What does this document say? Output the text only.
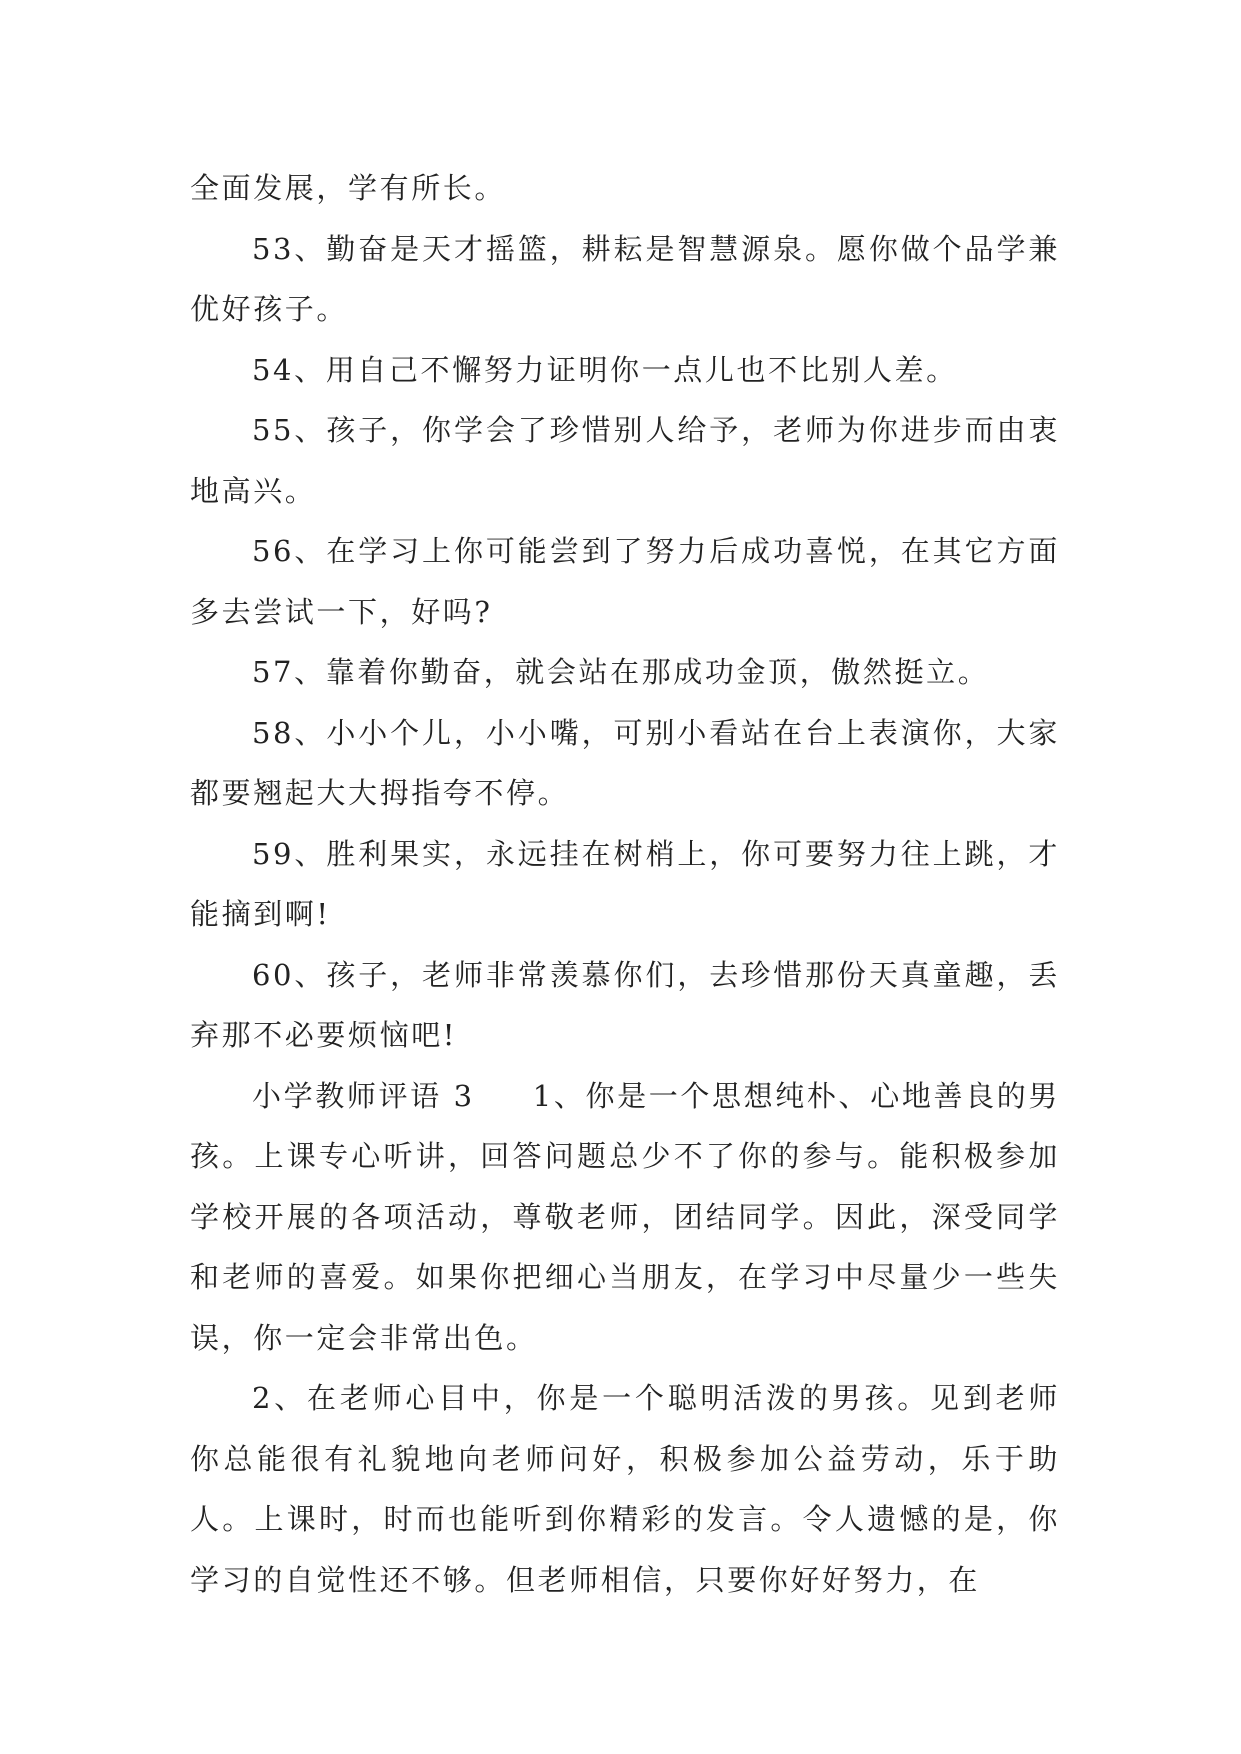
全面发展，学有所长。

53、勤奋是天才摇篮，耕耘是智慧源泉。愿你做个品学兼优好孩子。

54、用自己不懈努力证明你一点儿也不比别人差。

55、孩子，你学会了珍惜别人给予，老师为你进步而由衷地高兴。

56、在学习上你可能尝到了努力后成功喜悦，在其它方面多去尝试一下，好吗?

57、靠着你勤奋，就会站在那成功金顶，傲然挺立。

58、小小个儿，小小嘴，可别小看站在台上表演你，大家都要翘起大大拇指夸不停。

59、胜利果实，永远挂在树梢上，你可要努力往上跳，才能摘到啊!

60、孩子，老师非常羡慕你们，去珍惜那份天真童趣，丢弃那不必要烦恼吧!

小学教师评语 3 1、你是一个思想纯朴、心地善良的男孩。上课专心听讲，回答问题总少不了你的参与。能积极参加学校开展的各项活动，尊敬老师，团结同学。因此，深受同学和老师的喜爱。如果你把细心当朋友，在学习中尽量少一些失误，你一定会非常出色。

2、在老师心目中，你是一个聪明活泼的男孩。见到老师你总能很有礼貌地向老师问好，积极参加公益劳动，乐于助人。上课时，时而也能听到你精彩的发言。令人遗憾的是，你学习的自觉性还不够。但老师相信，只要你好好努力，在
